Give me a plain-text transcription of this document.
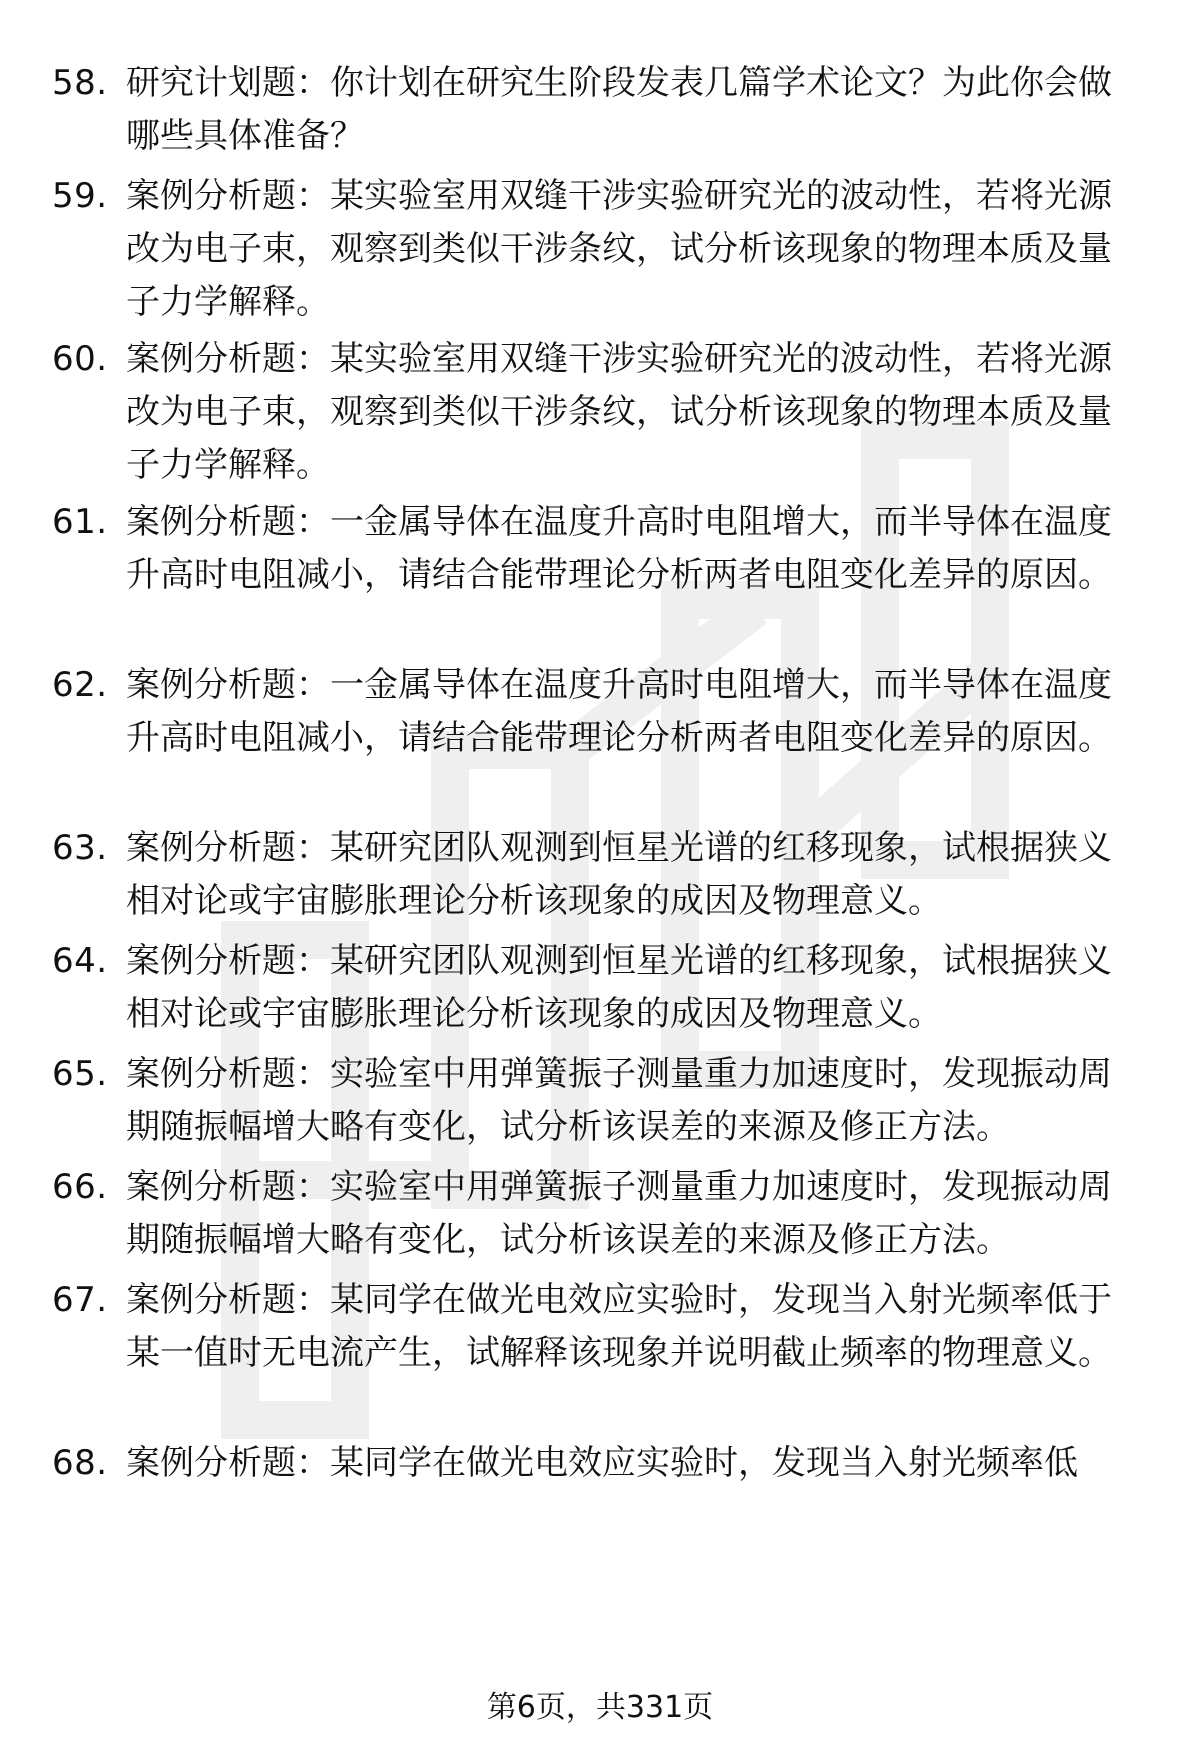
58. 研究计划题：你计划在研究生阶段发表几篇学术论文？为此你会做哪些具体准备？
59. 案例分析题：某实验室用双缝干涉实验研究光的波动性，若将光源改为电子束，观察到类似干涉条纹，试分析该现象的物理本质及量子力学解释。
60. 案例分析题：某实验室用双缝干涉实验研究光的波动性，若将光源改为电子束，观察到类似干涉条纹，试分析该现象的物理本质及量子力学解释。
61. 案例分析题：一金属导体在温度升高时电阻增大，而半导体在温度升高时电阻减小，请结合能带理论分析两者电阻变化差异的原因。
62. 案例分析题：一金属导体在温度升高时电阻增大，而半导体在温度升高时电阻减小，请结合能带理论分析两者电阻变化差异的原因。
63. 案例分析题：某研究团队观测到恒星光谱的红移现象，试根据狭义相对论或宇宙膨胀理论分析该现象的成因及物理意义。
64. 案例分析题：某研究团队观测到恒星光谱的红移现象，试根据狭义相对论或宇宙膨胀理论分析该现象的成因及物理意义。
65. 案例分析题：实验室中用弹簧振子测量重力加速度时，发现振动周期随振幅增大略有变化，试分析该误差的来源及修正方法。
66. 案例分析题：实验室中用弹簧振子测量重力加速度时，发现振动周期随振幅增大略有变化，试分析该误差的来源及修正方法。
67. 案例分析题：某同学在做光电效应实验时，发现当入射光频率低于某一值时无电流产生，试解释该现象并说明截止频率的物理意义。
68. 案例分析题：某同学在做光电效应实验时，发现当入射光频率低
第6页，共331页
